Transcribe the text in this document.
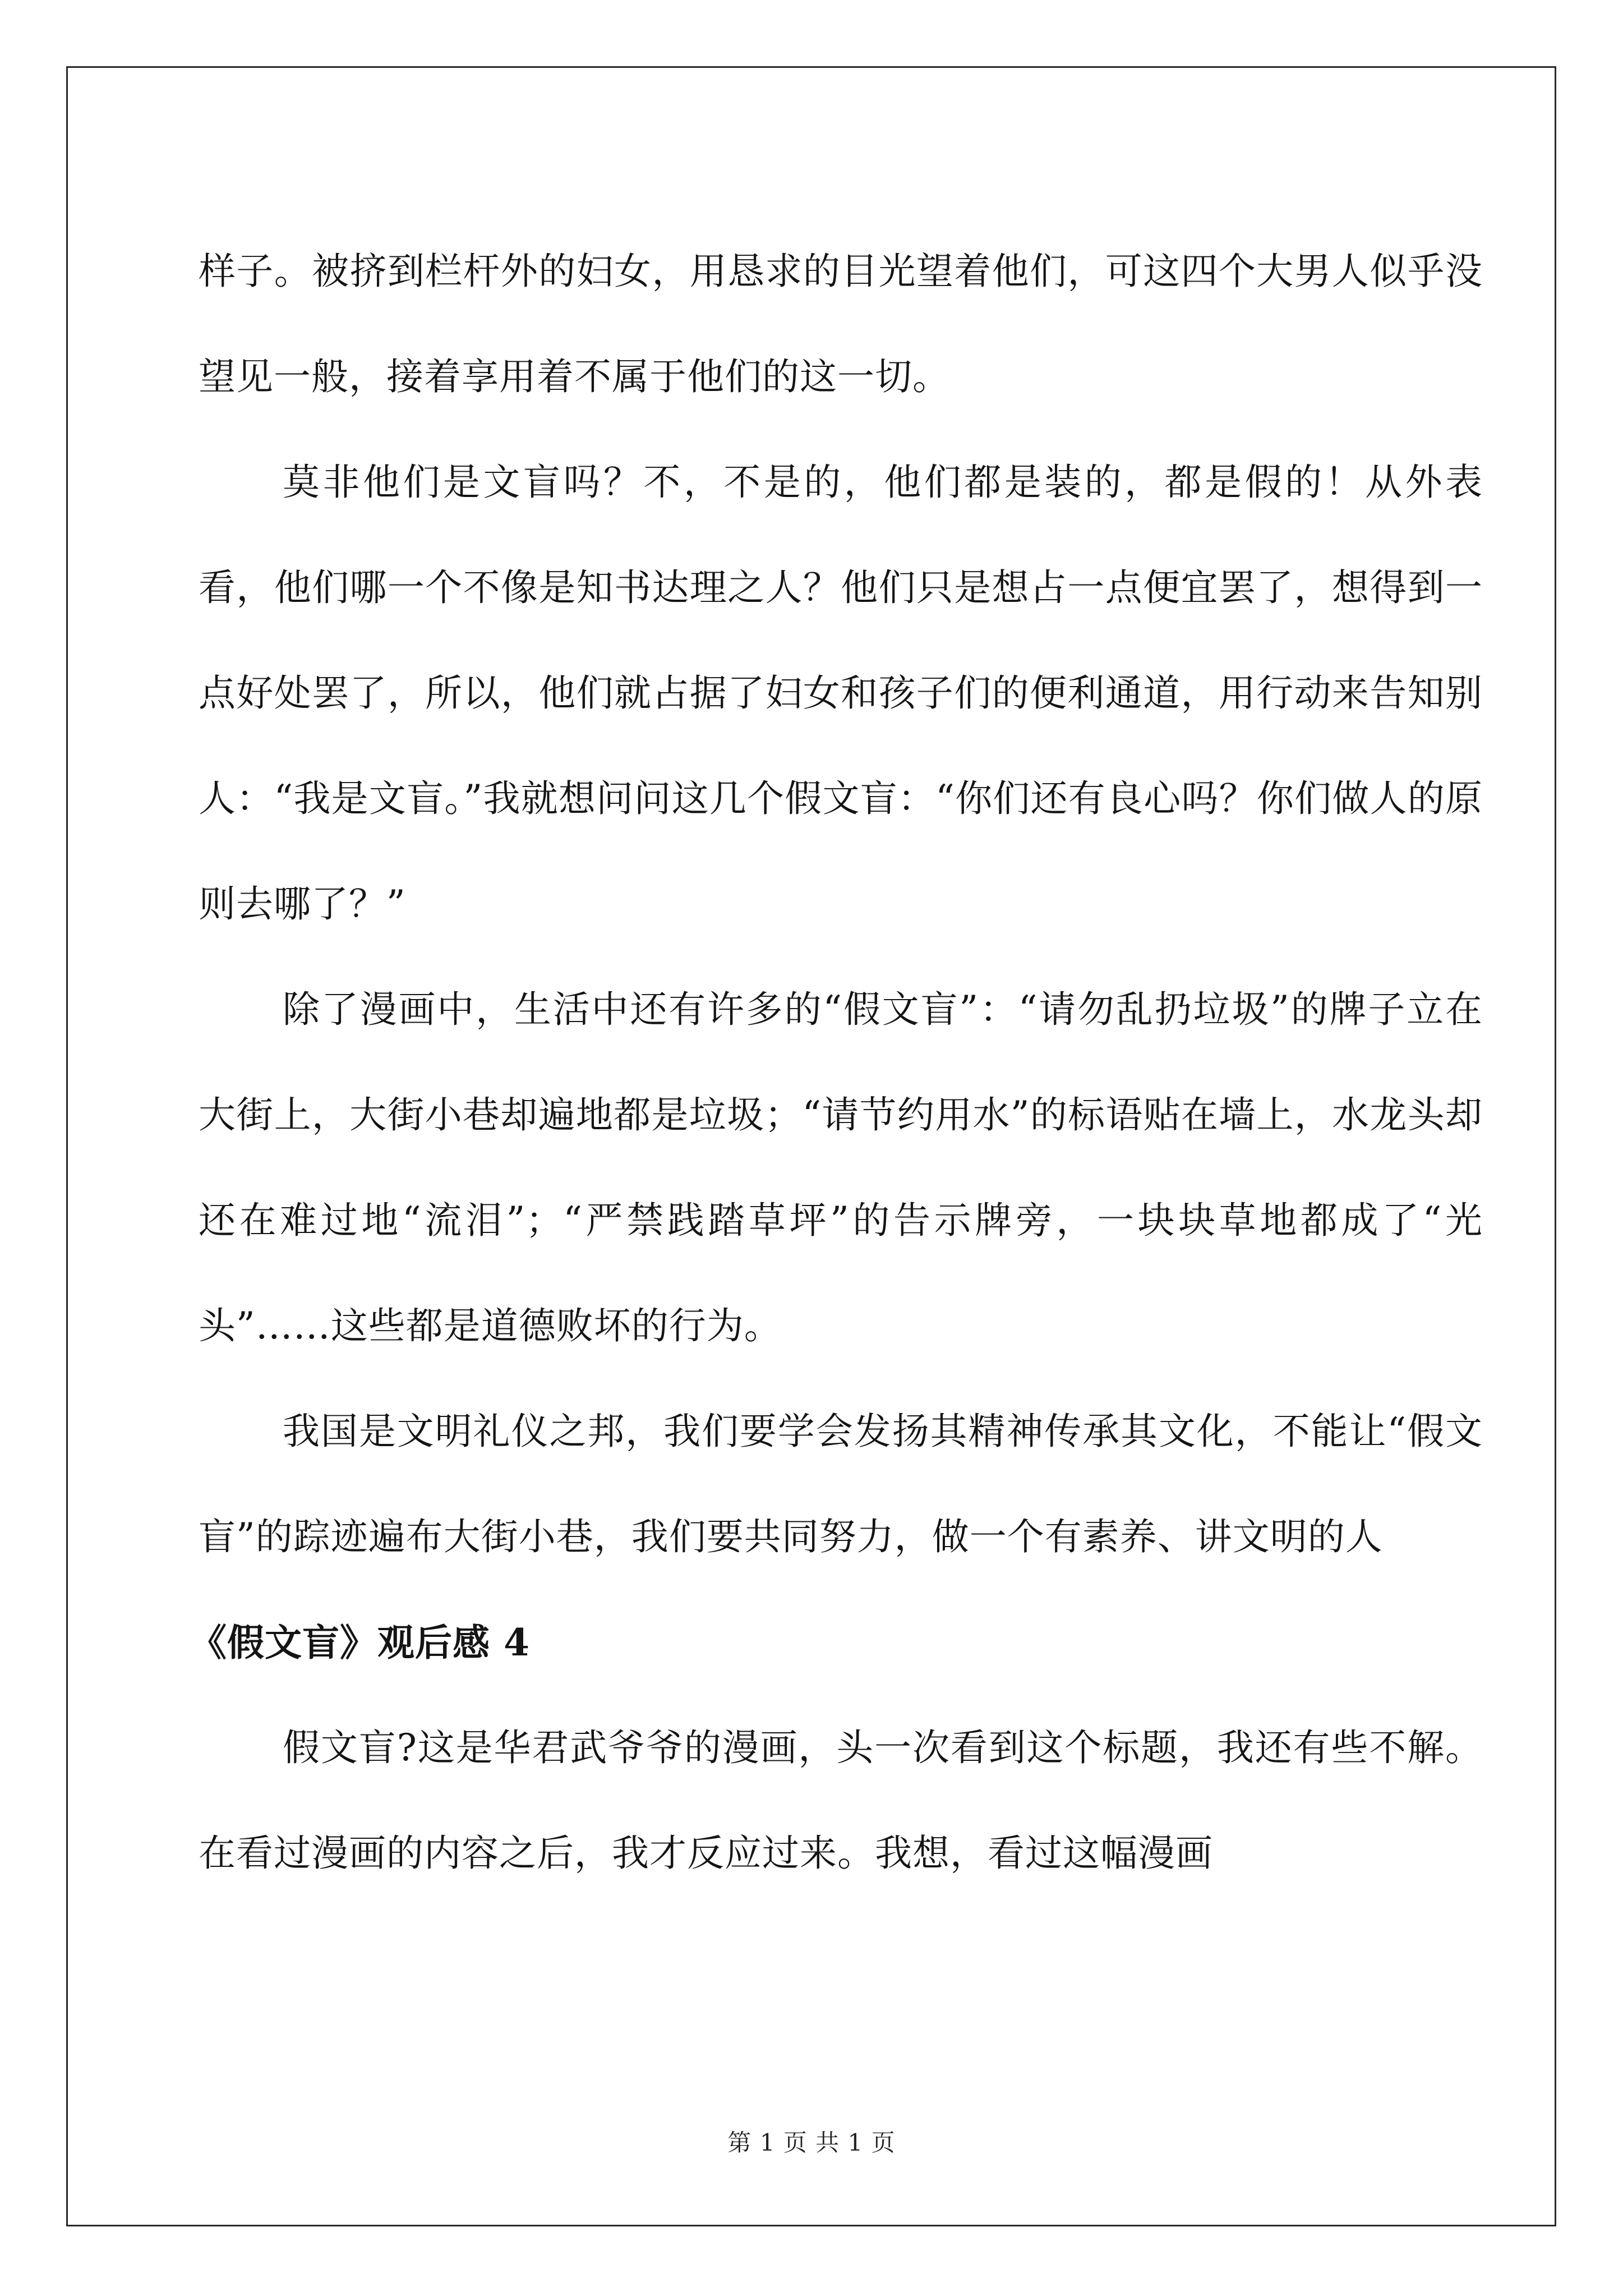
样子。被挤到栏杆外的妇女，用恳求的目光望着他们，可这四个大男人似乎没望见一般，接着享用着不属于他们的这一切。

莫非他们是文盲吗？不，不是的，他们都是装的，都是假的！从外表看，他们哪一个不像是知书达理之人？他们只是想占一点便宜罢了，想得到一点好处罢了，所以，他们就占据了妇女和孩子们的便利通道，用行动来告知别人：“我是文盲。”我就想问问这几个假文盲：“你们还有良心吗？你们做人的原则去哪了？”

除了漫画中，生活中还有许多的“假文盲”：“请勿乱扔垃圾”的牌子立在大街上，大街小巷却遍地都是垃圾；“请节约用水”的标语贴在墙上，水龙头却还在难过地“流泪”；“严禁践踏草坪”的告示牌旁，一块块草地都成了“光头”……这些都是道德败坏的行为。

我国是文明礼仪之邦，我们要学会发扬其精神传承其文化，不能让“假文盲”的踪迹遍布大街小巷，我们要共同努力，做一个有素养、讲文明的人

《假文盲》观后感 4

假文盲?这是华君武爷爷的漫画，头一次看到这个标题，我还有些不解。在看过漫画的内容之后，我才反应过来。我想，看过这幅漫画

第 1 页 共 1 页
